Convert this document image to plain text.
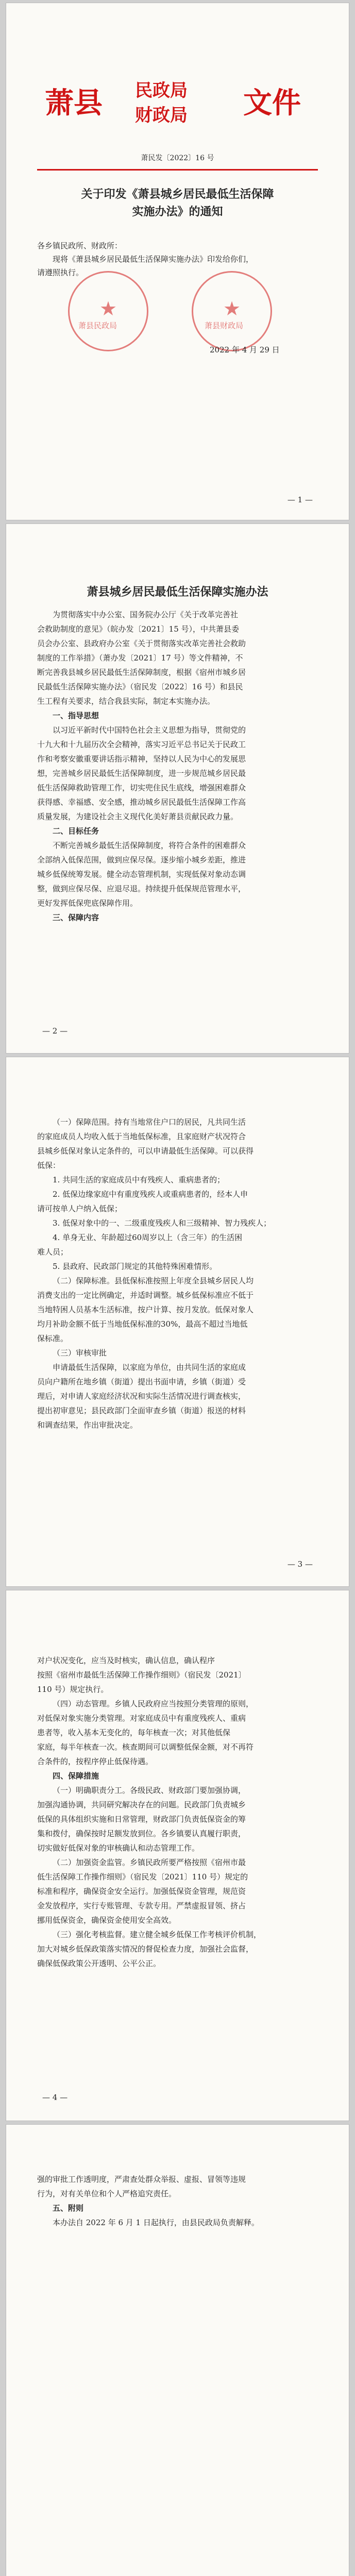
萧县 民政局
财政局 文件
萧民发〔2022〕16 号
关于印发《萧县城乡居民最低生活保障
实施办法》的通知
各乡镇民政所、财政所：
现将《萧县城乡居民最低生活保障实施办法》印发给你们，
请遵照执行。
★
萧县民政局
★
萧县财政局
2022 年 4 月 29 日
— 1 —
萧县城乡居民最低生活保障实施办法
为贯彻落实中办公室、国务院办公厅《关于改革完善社
会救助制度的意见》（皖办发〔2021〕15 号），中共萧县委
员会办公室、县政府办公室《关于贯彻落实改革完善社会救助
制度的工作举措》（萧办发〔2021〕17 号）等文件精神，不
断完善我县城乡居民最低生活保障制度，根据《宿州市城乡居
民最低生活保障实施办法》（宿民发〔2022〕16 号）和县民
生工程有关要求，结合我县实际，制定本实施办法。
一、指导思想
以习近平新时代中国特色社会主义思想为指导，贯彻党的
十九大和十九届历次全会精神，落实习近平总书记关于民政工
作和考察安徽重要讲话指示精神，坚持以人民为中心的发展思
想，完善城乡居民最低生活保障制度，进一步规范城乡居民最
低生活保障救助管理工作，切实兜住民生底线，增强困难群众
获得感、幸福感、安全感，推动城乡居民最低生活保障工作高
质量发展，为建设社会主义现代化美好萧县贡献民政力量。
二、目标任务
不断完善城乡最低生活保障制度，将符合条件的困难群众
全部纳入低保范围，做到应保尽保。逐步缩小城乡差距，推进
城乡低保统筹发展。健全动态管理机制，实现低保对象动态调
整，做到应保尽保、应退尽退。持续提升低保规范管理水平，
更好发挥低保兜底保障作用。
三、保障内容
— 2 —
（一）保障范围。持有当地常住户口的居民，凡共同生活
的家庭成员人均收入低于当地低保标准，且家庭财产状况符合
县城乡低保对象认定条件的，可以申请最低生活保障。可以获得
低保：
1. 共同生活的家庭成员中有残疾人、重病患者的；
2. 低保边缘家庭中有重度残疾人或重病患者的，经本人申
请可按单人户纳入低保；
3. 低保对象中的一、二级重度残疾人和三级精神、智力残疾人；
4. 单身无业、年龄超过60周岁以上（含三年）的生活困
难人员；
5. 县政府、民政部门规定的其他特殊困难情形。
（二）保障标准。县低保标准按照上年度全县城乡居民人均
消费支出的一定比例确定，并适时调整。城乡低保标准应不低于
当地特困人员基本生活标准，按户计算、按月发放。低保对象人
均月补助金额不低于当地低保标准的30%，最高不超过当地低
保标准。
（三）审核审批
申请最低生活保障，以家庭为单位，由共同生活的家庭成
员向户籍所在地乡镇（街道）提出书面申请，乡镇（街道）受
理后，对申请人家庭经济状况和实际生活情况进行调查核实，
提出初审意见；县民政部门全面审查乡镇（街道）报送的材料
和调查结果，作出审批决定。
— 3 —
对户状况变化，应当及时核实，确认信息，确认程序
按照《宿州市最低生活保障工作操作细则》（宿民发〔2021〕
110 号）规定执行。
（四）动态管理。乡镇人民政府应当按照分类管理的原则，
对低保对象实施分类管理。对家庭成员中有重度残疾人、重病
患者等，收入基本无变化的，每年核查一次；对其他低保
家庭，每半年核查一次。核查期间可以调整低保金额，对不再符
合条件的，按程序停止低保待遇。
四、保障措施
（一）明确职责分工。各级民政、财政部门要加强协调，
加强沟通协调，共同研究解决存在的问题。民政部门负责城乡
低保的具体组织实施和日常管理，财政部门负责低保资金的筹
集和拨付，确保按时足额发放到位。各乡镇要认真履行职责，
切实做好低保对象的审核确认和动态管理工作。
（二）加强资金监管。乡镇民政所要严格按照《宿州市最
低生活保障工作操作细则》（宿民发〔2021〕110 号）规定的
标准和程序，确保资金安全运行。加强低保资金管理，规范资
金发放程序，实行专账管理、专款专用。严禁虚报冒领、挤占
挪用低保资金，确保资金使用安全高效。
（三）强化考核监督。建立健全城乡低保工作考核评价机制，
加大对城乡低保政策落实情况的督促检查力度，加强社会监督，
确保低保政策公开透明、公平公正。
— 4 —
强的审批工作透明度，严肃查处群众举报、虚报、冒领等违规
行为，对有关单位和个人严格追究责任。
五、附则
本办法自 2022 年 6 月 1 日起执行，由县民政局负责解释。
